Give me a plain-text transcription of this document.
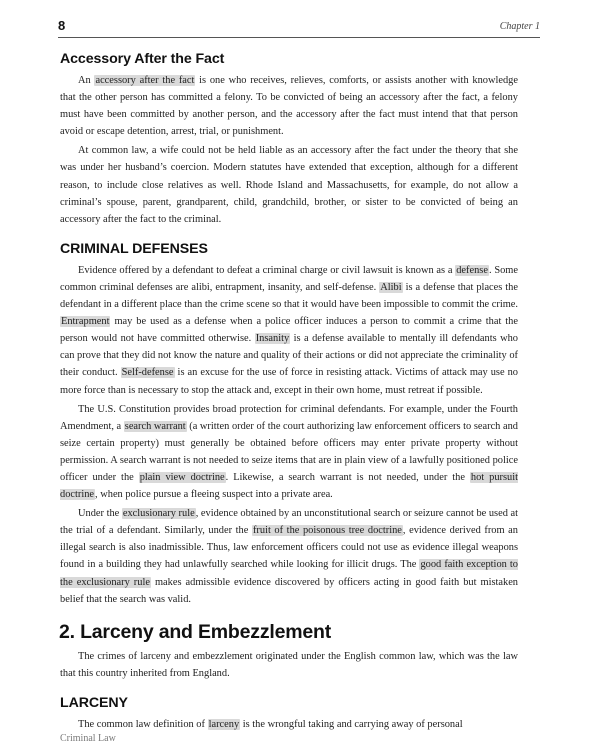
8	Chapter 1
Accessory After the Fact

An accessory after the fact is one who receives, relieves, comforts, or assists another with knowledge that the other person has committed a felony. To be convicted of being an accessory after the fact, a felony must have been committed by another person, and the accessory after the fact must intend that that person avoid or escape detention, arrest, trial, or punishment.

At common law, a wife could not be held liable as an accessory after the fact under the theory that she was under her husband’s coercion. Modern statutes have extended that exception, although for a different reason, to include close relatives as well. Rhode Island and Massachusetts, for example, do not allow a criminal’s spouse, parent, grandparent, child, grandchild, brother, or sister to be convicted of being an accessory after the fact to the criminal.

CRIMINAL DEFENSES

Evidence offered by a defendant to defeat a criminal charge or civil lawsuit is known as a defense. Some common criminal defenses are alibi, entrapment, insanity, and self-defense. Alibi is a defense that places the defendant in a different place than the crime scene so that it would have been impossible to commit the crime. Entrapment may be used as a defense when a police officer induces a person to commit a crime that the person would not have committed otherwise. Insanity is a defense available to mentally ill defendants who can prove that they did not know the nature and quality of their actions or did not appreciate the criminality of their conduct. Self-defense is an excuse for the use of force in resisting attack. Victims of attack may use no more force than is necessary to stop the attack and, except in their own home, must retreat if possible.

The U.S. Constitution provides broad protection for criminal defendants. For example, under the Fourth Amendment, a search warrant (a written order of the court authorizing law enforcement officers to search and seize certain property) must generally be obtained before officers may enter private property without permission. A search warrant is not needed to seize items that are in plain view of a lawfully positioned police officer under the plain view doctrine. Likewise, a search warrant is not needed, under the hot pursuit doctrine, when police pursue a fleeing suspect into a private area.

Under the exclusionary rule, evidence obtained by an unconstitutional search or seizure cannot be used at the trial of a defendant. Similarly, under the fruit of the poisonous tree doctrine, evidence derived from an illegal search is also inadmissible. Thus, law enforcement officers could not use as evidence illegal weapons found in a building they had unlawfully searched while looking for illicit drugs. The good faith exception to the exclusionary rule makes admissible evidence discovered by officers acting in good faith but mistaken belief that the search was valid.

2. Larceny and Embezzlement

The crimes of larceny and embezzlement originated under the English common law, which was the law that this country inherited from England.

LARCENY

The common law definition of larceny is the wrongful taking and carrying away of personal

Criminal Law
